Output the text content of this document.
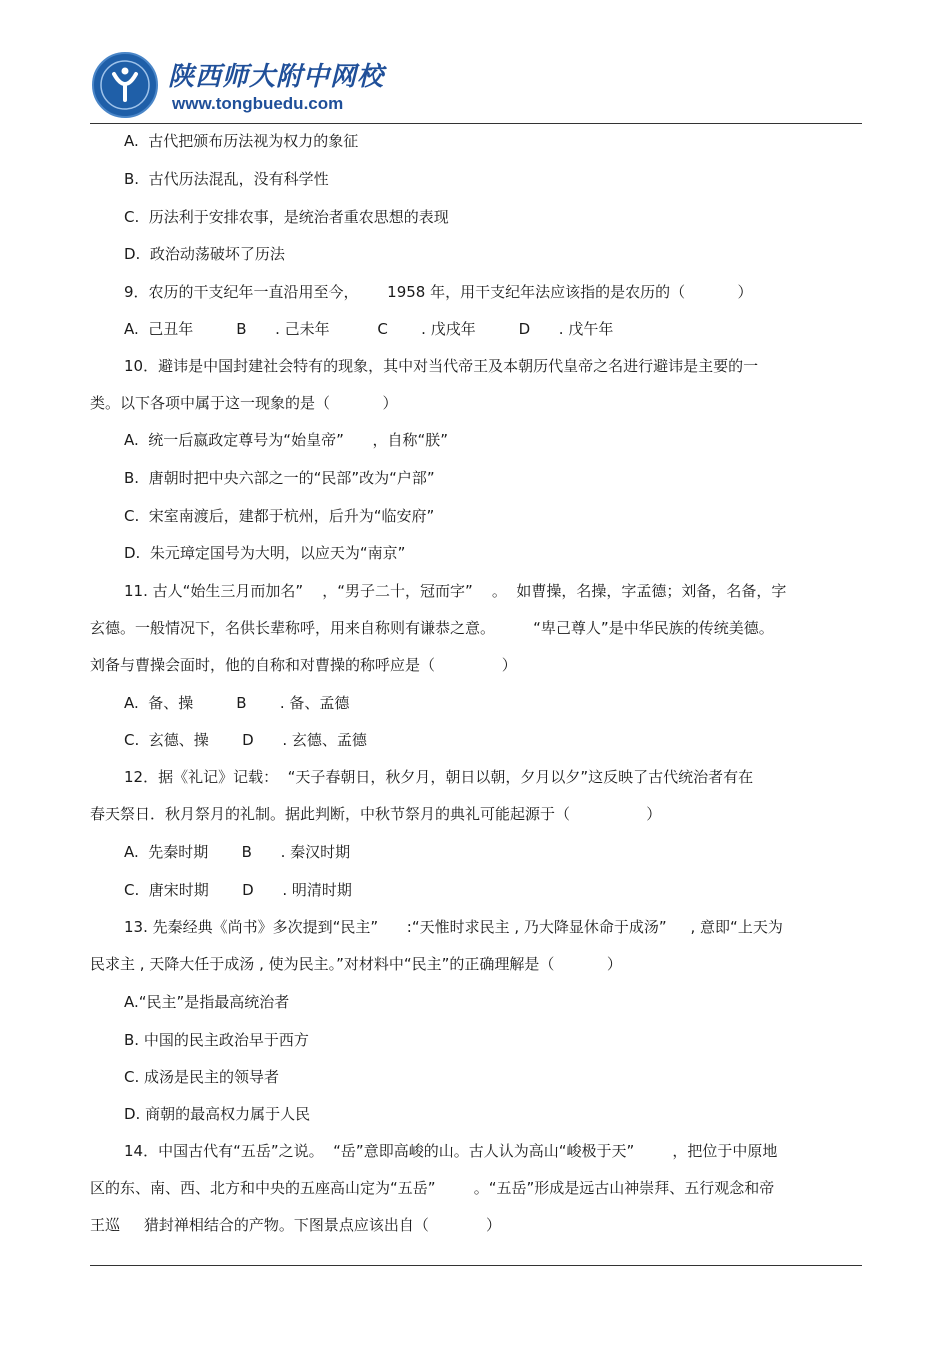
陕西师大附中网校
www.tongbuedu.com
A.  古代把颁布历法视为权力的象征
B.  古代历法混乱，没有科学性
C.  历法利于安排农事，是统治者重农思想的表现
D.  政治动荡破坏了历法
9．农历的干支纪年一直沿用至今，      1958 年，用干支纪年法应该指的是农历的（           ）
A.  己丑年         B      . 己未年          C       . 戊戌年         D      . 戊午年
10．避讳是中国封建社会特有的现象，其中对当代帝王及本朝历代皇帝之名进行避讳是主要的一
类。以下各项中属于这一现象的是（           ）
A.  统一后嬴政定尊号为“始皇帝”      ，自称“朕”
B.  唐朝时把中央六部之一的“民部”改为“户部”
C.  宋室南渡后，建都于杭州，后升为“临安府”
D.  朱元璋定国号为大明，以应天为“南京”
11. 古人“始生三月而加名”    ，“男子二十，冠而字”    。  如曹操，名操，字孟德；刘备，名备，字
玄德。一般情况下，名供长辈称呼，用来自称则有谦恭之意。        “卑己尊人”是中华民族的传统美德。
刘备与曹操会面时，他的自称和对曹操的称呼应是（              ）
A.  备、操         B       . 备、孟德
C.  玄德、操       D      . 玄德、孟德
12．据《礼记》记载：  “天子春朝日，秋夕月，朝日以朝，夕月以夕”这反映了古代统治者有在
春天祭日．秋月祭月的礼制。据此判断，中秋节祭月的典礼可能起源于（                ）
A.  先秦时期       B      . 秦汉时期
C.  唐宋时期       D      . 明清时期
13. 先秦经典《尚书》多次提到“民主”      :“天惟时求民主 , 乃大降显休命于成汤”     , 意即“上天为
民求主 , 天降大任于成汤 , 使为民主。”对材料中“民主”的正确理解是（           ）
A.“民主”是指最高统治者
B. 中国的民主政治早于西方
C. 成汤是民主的领导者
D. 商朝的最高权力属于人民
14．中国古代有“五岳”之说。  “岳”意即高峻的山。古人认为高山“峻极于天”        ，把位于中原地
区的东、南、西、北方和中央的五座高山定为“五岳”        。“五岳”形成是远古山神崇拜、五行观念和帝
王巡     猎封禅相结合的产物。下图景点应该出自（            ）
